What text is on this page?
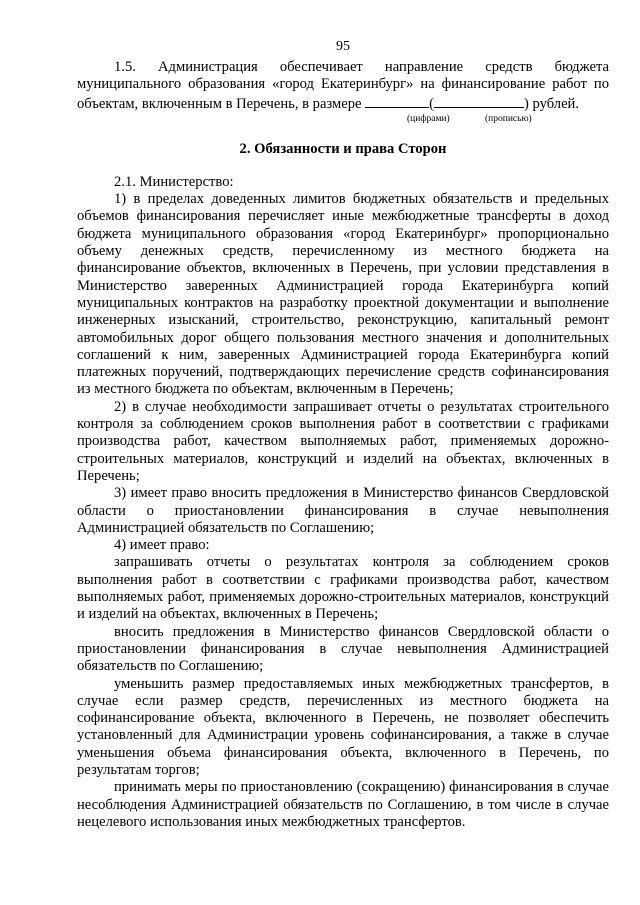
95

1.5. Администрация обеспечивает направление средств бюджета муниципального образования «город Екатеринбург» на финансирование работ по объектам, включенным в Перечень, в размере	(	) рублей.

(цифрами)	(прописью)
2. Обязанности и права Сторон

2.1. Министерство:

1) в пределах доведенных лимитов бюджетных обязательств и предельных объемов финансирования перечисляет иные межбюджетные трансферты в доход бюджета муниципального образования «город Екатеринбург» пропорционально объему денежных средств, перечисленному из местного бюджета на финансирование объектов, включенных в Перечень, при условии представления в Министерство заверенных Администрацией города Екатеринбурга копий муниципальных контрактов на разработку проектной документации и выполнение инженерных изысканий, строительство, реконструкцию, капитальный ремонт автомобильных дорог общего пользования местного значения и дополнительных соглашений к ним, заверенных Администрацией города Екатеринбурга копий платежных поручений, подтверждающих перечисление средств софинансирования из местного бюджета по объектам, включенным в Перечень;

2) в случае необходимости запрашивает отчеты о результатах строительного контроля за соблюдением сроков выполнения работ в соответствии с графиками производства работ, качеством выполняемых работ, применяемых дорожно-строительных материалов, конструкций и изделий на объектах, включенных в Перечень;

3) имеет право вносить предложения в Министерство финансов Свердловской области о приостановлении финансирования в случае невыполнения Администрацией обязательств по Соглашению;

4) имеет право:

запрашивать отчеты о результатах контроля за соблюдением сроков выполнения работ в соответствии с графиками производства работ, качеством выполняемых работ, применяемых дорожно-строительных материалов, конструкций и изделий на объектах, включенных в Перечень;

вносить предложения в Министерство финансов Свердловской области о приостановлении финансирования в случае невыполнения Администрацией обязательств по Соглашению;

уменьшить размер предоставляемых иных межбюджетных трансфертов, в случае если размер средств, перечисленных из местного бюджета на софинансирование объекта, включенного в Перечень, не позволяет обеспечить установленный для Администрации уровень софинансирования, а также в случае уменьшения объема финансирования объекта, включенного в Перечень, по результатам торгов;

принимать меры по приостановлению (сокращению) финансирования в случае несоблюдения Администрацией обязательств по Соглашению, в том числе в случае нецелевого использования иных межбюджетных трансфертов.
